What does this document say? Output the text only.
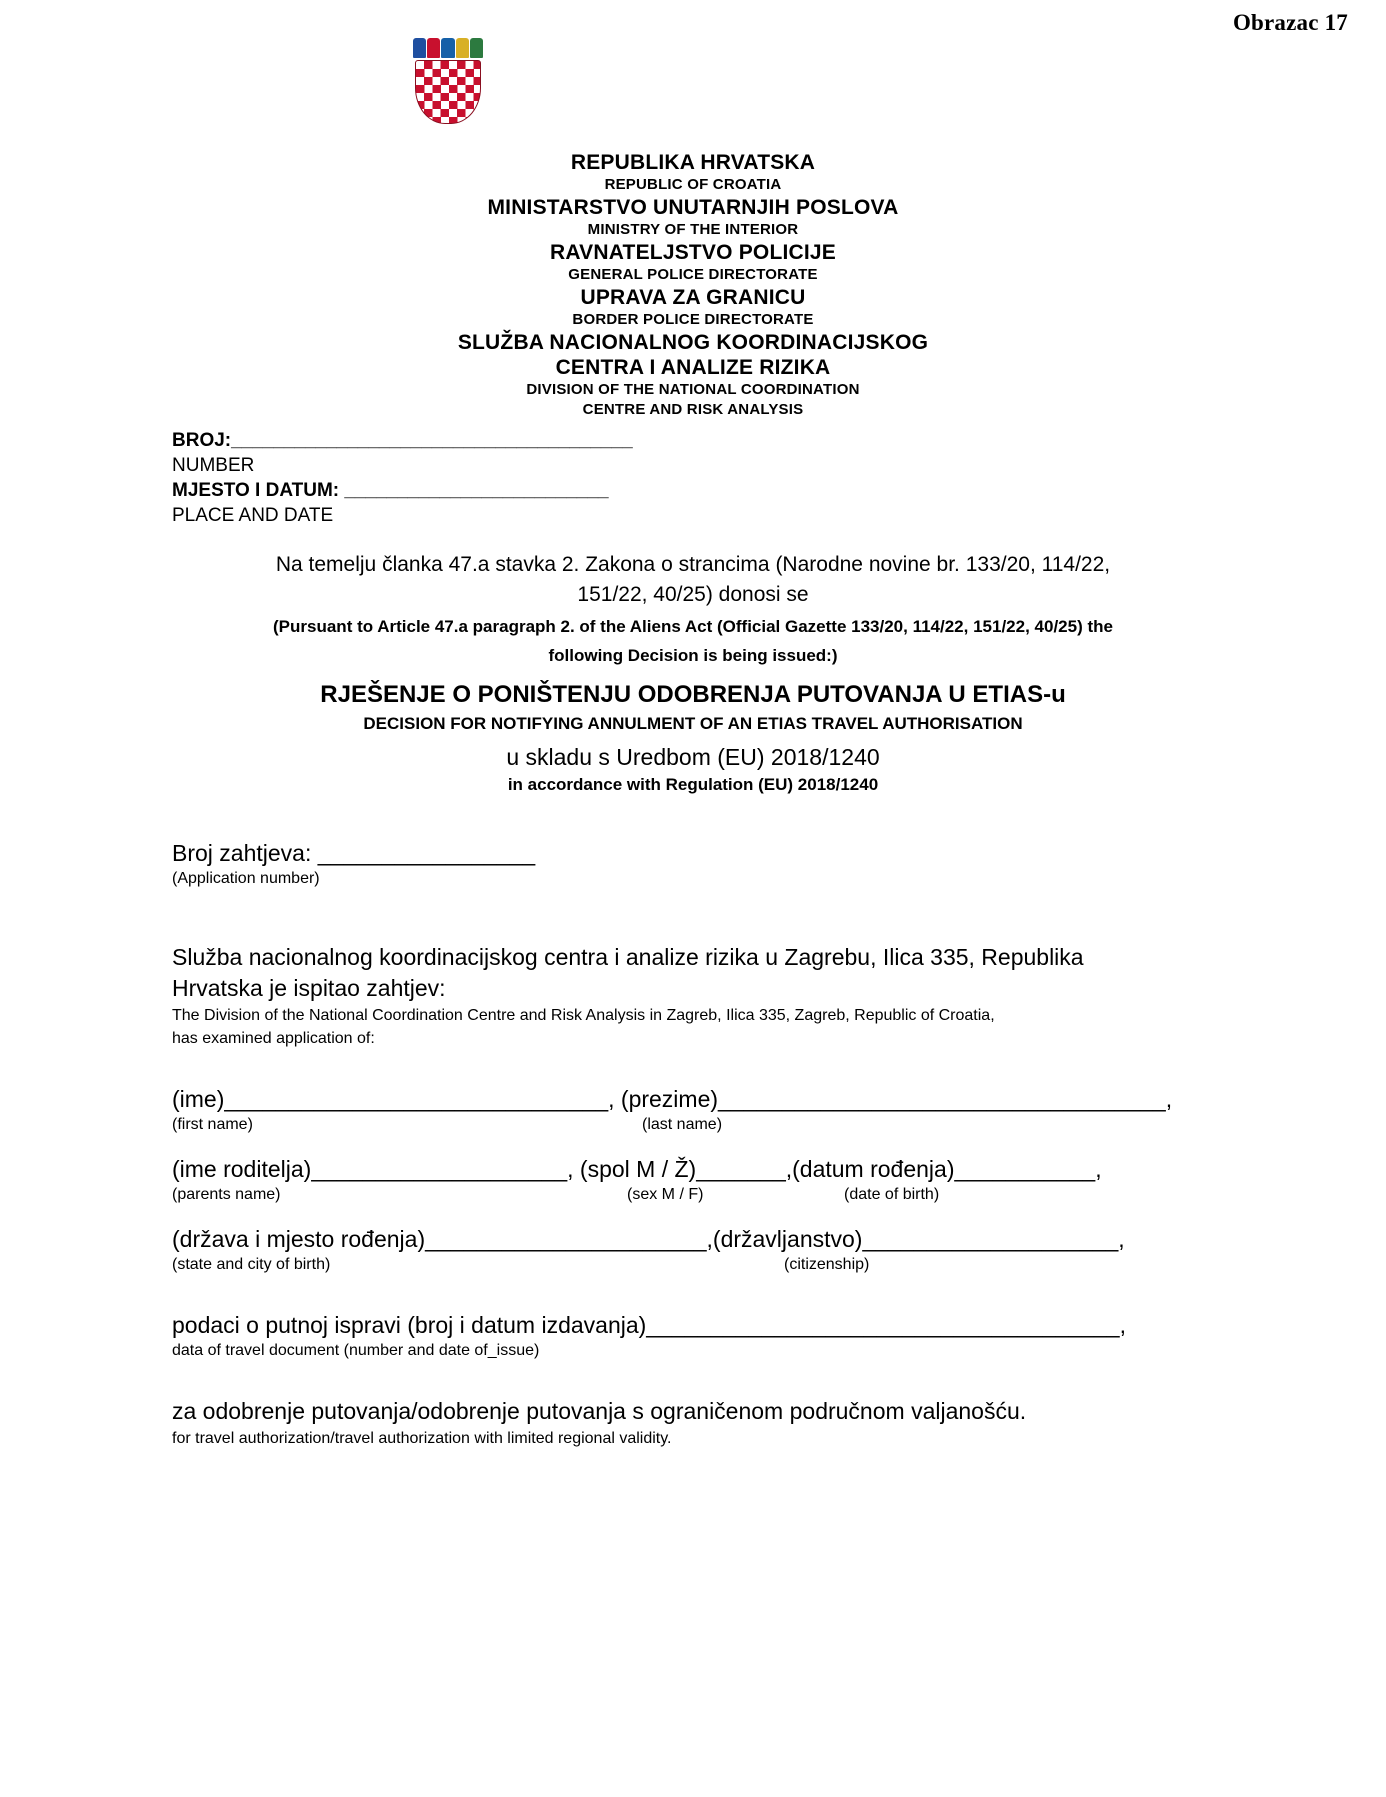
Obrazac 17
REPUBLIKA HRVATSKA
REPUBLIC OF CROATIA
MINISTARSTVO UNUTARNJIH POSLOVA
MINISTRY OF THE INTERIOR
RAVNATELJSTVO POLICIJE
GENERAL POLICE DIRECTORATE
UPRAVA ZA GRANICU
BORDER POLICE DIRECTORATE
SLUŽBA NACIONALNOG KOORDINACIJSKOG
CENTRA I ANALIZE RIZIKA
DIVISION OF THE NATIONAL COORDINATION
CENTRE AND RISK ANALYSIS
BROJ:______________________________________
NUMBER
MJESTO I DATUM: _________________________
PLACE AND DATE
Na temelju članka 47.a stavka 2. Zakona o strancima (Narodne novine br. 133/20, 114/22,
151/22, 40/25) donosi se
(Pursuant to Article 47.a paragraph 2. of the Aliens Act (Official Gazette 133/20, 114/22, 151/22, 40/25) the
following Decision is being issued:)
RJEŠENJE O PONIŠTENJU ODOBRENJA PUTOVANJA U ETIAS-u
DECISION FOR NOTIFYING ANNULMENT OF AN ETIAS TRAVEL AUTHORISATION
u skladu s Uredbom (EU) 2018/1240
in accordance with Regulation (EU) 2018/1240
Broj zahtjeva: _________________
(Application number)
Služba nacionalnog koordinacijskog centra i analize rizika u Zagrebu, Ilica 335, Republika
Hrvatska je ispitao zahtjev:
The Division of the National Coordination Centre and Risk Analysis in Zagreb, Ilica 335, Zagreb, Republic of Croatia,
has examined application of:
(ime)______________________________, (prezime)___________________________________,
(first name)	(last name)
(ime roditelja)____________________, (spol M / Ž)_______,(datum rođenja)___________,
(parents name)	(sex M / F)	(date of birth)
(država i mjesto rođenja)______________________,(državljanstvo)____________________,
(state and city of birth)	(citizenship)
podaci o putnoj ispravi (broj i datum izdavanja)_____________________________________,
data of travel document (number and date of_issue)
za odobrenje putovanja/odobrenje putovanja s ograničenom područnom valjanošću.
for travel authorization/travel authorization with limited regional validity.
